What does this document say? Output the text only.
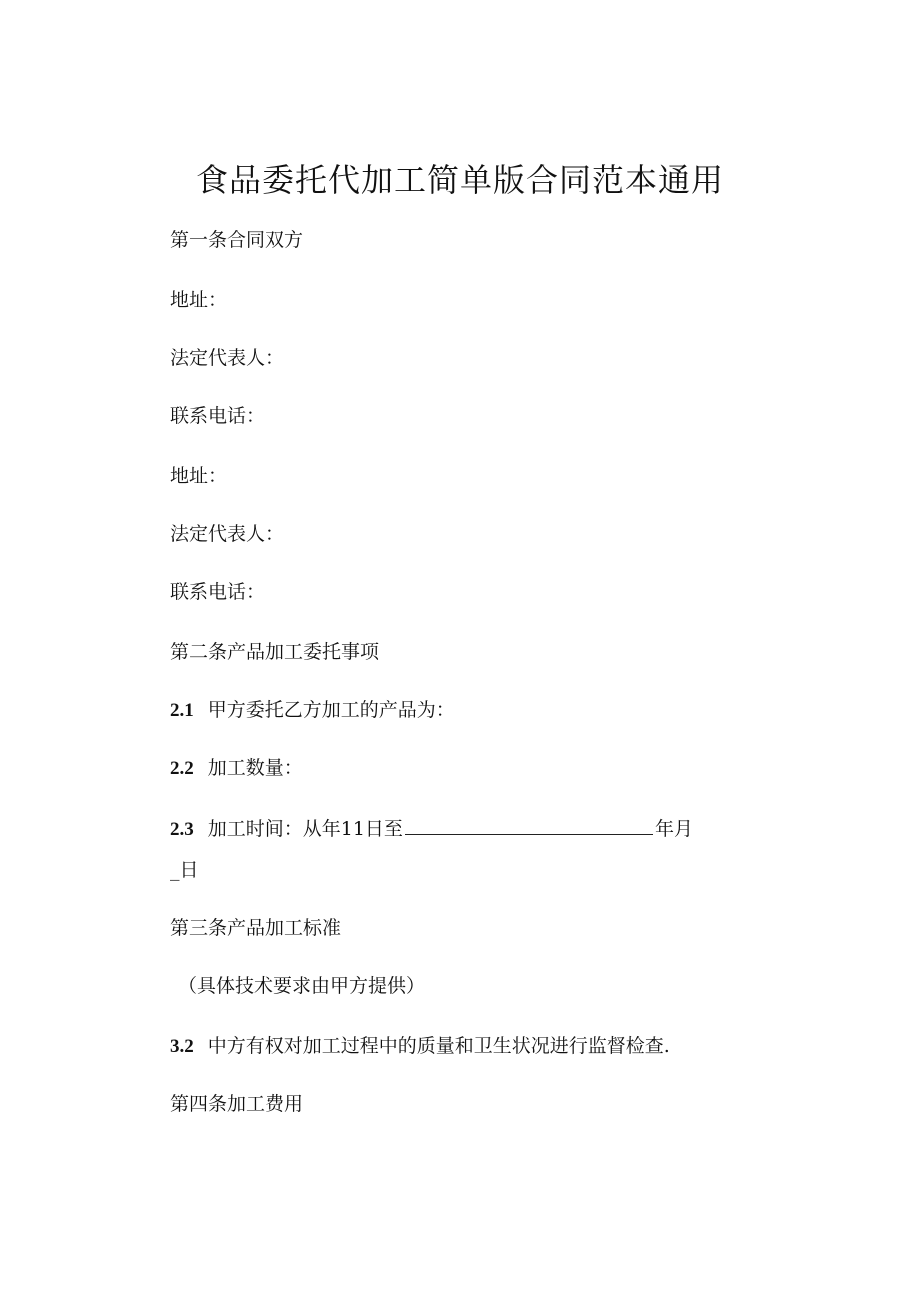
食品委托代加工简单版合同范本通用
第一条合同双方
地址：
法定代表人：
联系电话：
地址：
法定代表人：
联系电话：
第二条产品加工委托事项
2.1 甲方委托乙方加工的产品为：
2.2 加工数量：
2.3 加工时间：从年11日至	年月
_日
第三条产品加工标准
（具体技术要求由甲方提供）
3.2 中方有权对加工过程中的质量和卫生状况进行监督检查.
第四条加工费用
